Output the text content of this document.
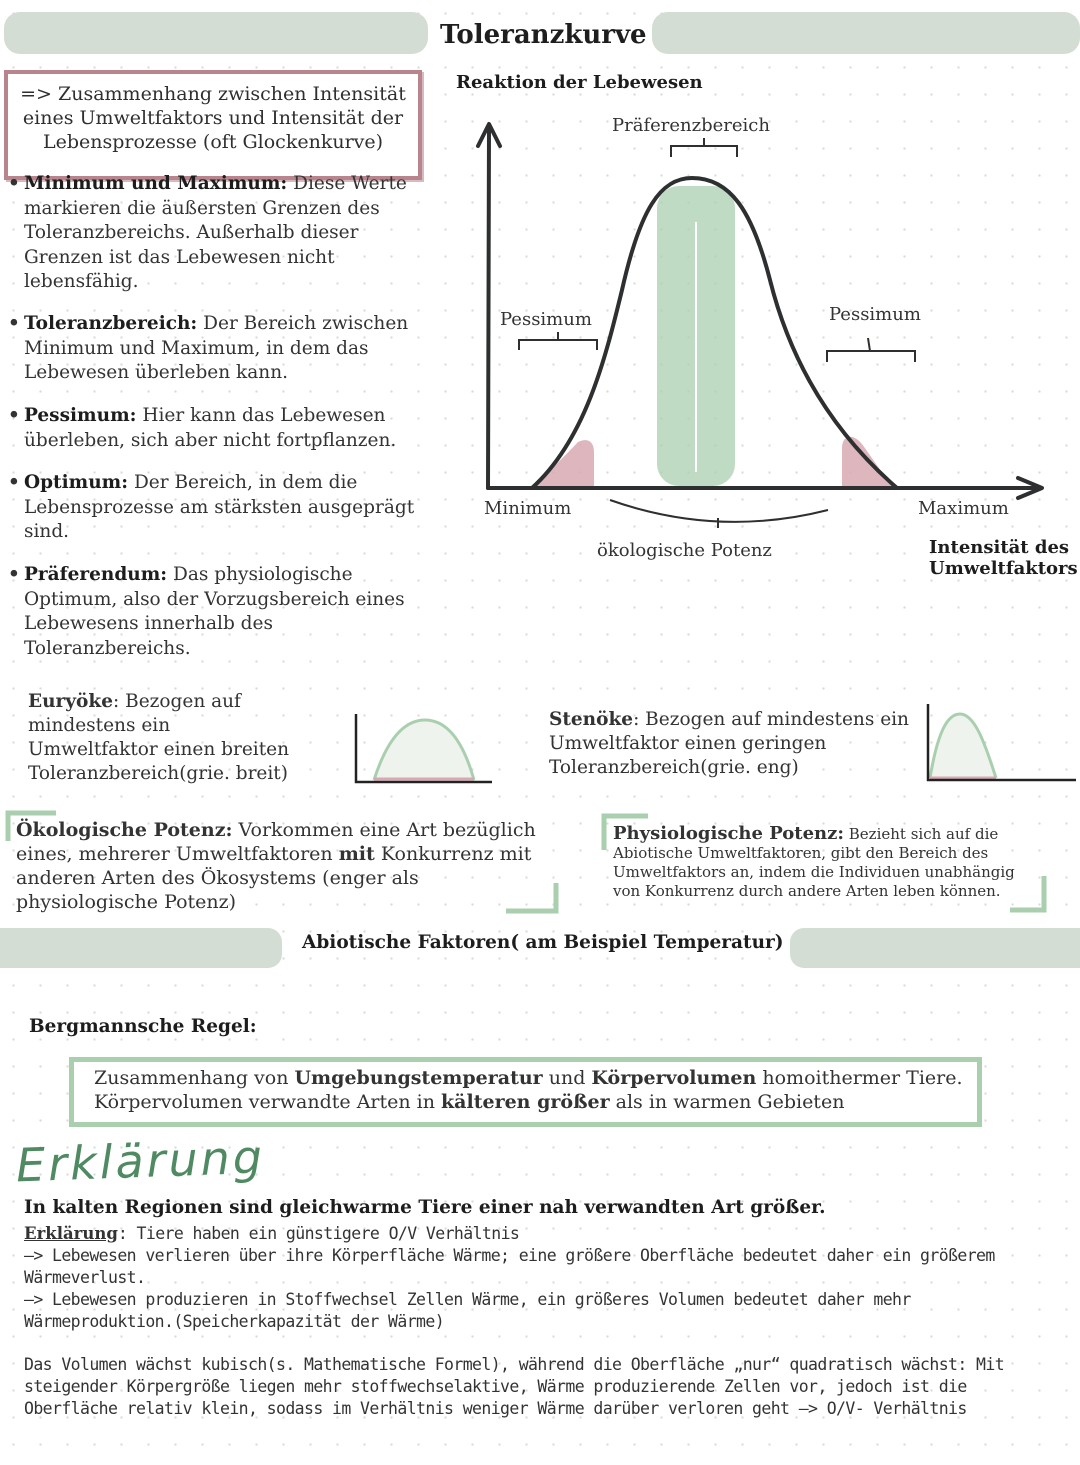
Toleranzkurve
=> Zusammenhang zwischen Intensität
eines Umweltfaktors und Intensität der
Lebensprozesse (oft Glockenkurve)
• Minimum und Maximum: Diese Werte markieren die äußersten Grenzen des Toleranzbereichs. Außerhalb dieser Grenzen ist das Lebewesen nicht lebensfähig.
• Toleranzbereich: Der Bereich zwischen Minimum und Maximum, in dem das Lebewesen überleben kann.
• Pessimum: Hier kann das Lebewesen überleben, sich aber nicht fortpflanzen.
• Optimum: Der Bereich, in dem die Lebensprozesse am stärksten ausgeprägt sind.
• Präferendum: Das physiologische Optimum, also der Vorzugsbereich eines Lebewesens innerhalb des Toleranzbereichs.
Reaktion der Lebewesen
Präferenzbereich
Pessimum	Pessimum
Minimum	Maximum
ökologische Potenz	Intensität des
Umweltfaktors
Euryöke: Bezogen auf
mindestens ein
Umweltfaktor einen breiten
Toleranzbereich(grie. breit)
Stenöke: Bezogen auf mindestens ein
Umweltfaktor einen geringen
Toleranzbereich(grie. eng)
Ökologische Potenz: Vorkommen eine Art bezüglich
eines, mehrerer Umweltfaktoren mit Konkurrenz mit
anderen Arten des Ökosystems (enger als
physiologische Potenz)
Physiologische Potenz: Bezieht sich auf die
Abiotische Umweltfaktoren, gibt den Bereich des
Umweltfaktors an, indem die Individuen unabhängig
von Konkurrenz durch andere Arten leben können.
Abiotische Faktoren( am Beispiel Temperatur)
Bergmannsche Regel:
Zusammenhang von Umgebungstemperatur und Körpervolumen homoithermer Tiere.
Körpervolumen verwandte Arten in kälteren größer als in warmen Gebieten
Erklärung
In kalten Regionen sind gleichwarme Tiere einer nah verwandten Art größer.
Erklärung: Tiere haben ein günstigere O/V Verhältnis
—> Lebewesen verlieren über ihre Körperfläche Wärme; eine größere Oberfläche bedeutet daher ein größerem
Wärmeverlust.
—> Lebewesen produzieren in Stoffwechsel Zellen Wärme, ein größeres Volumen bedeutet daher mehr
Wärmeproduktion.(Speicherkapazität der Wärme)
Das Volumen wächst kubisch(s. Mathematische Formel), während die Oberfläche „nur“ quadratisch wächst: Mit
steigender Körpergröße liegen mehr stoffwechselaktive, Wärme produzierende Zellen vor, jedoch ist die
Oberfläche relativ klein, sodass im Verhältnis weniger Wärme darüber verloren geht —> O/V- Verhältnis
